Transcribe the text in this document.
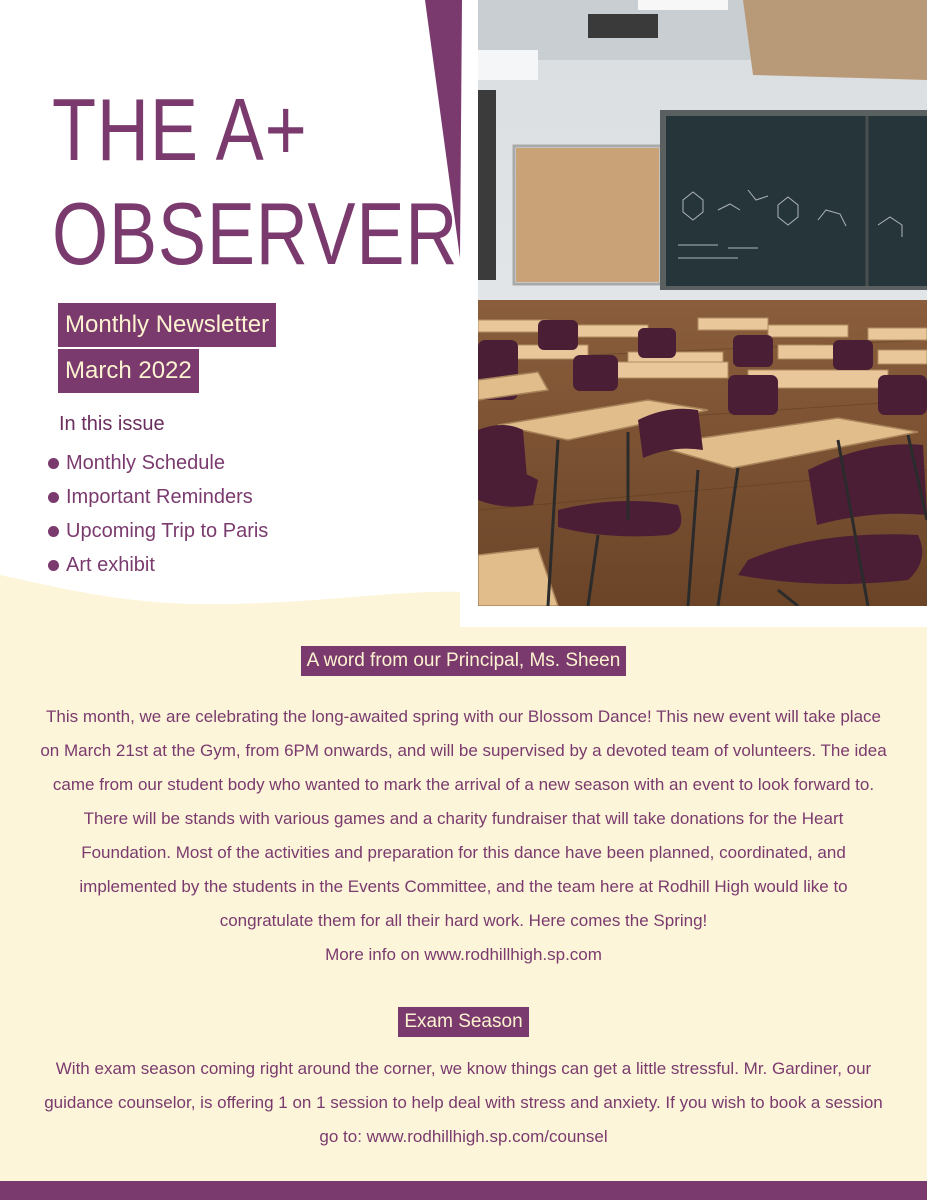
THE A+
OBSERVER
Monthly Newsletter
March 2022
In this issue
Monthly Schedule
Important Reminders
Upcoming Trip to Paris
Art exhibit
A word from our Principal, Ms. Sheen

This month, we are celebrating the long-awaited spring with our Blossom Dance! This new event will take place on March 21st at the Gym, from 6PM onwards, and will be supervised by a devoted team of volunteers. The idea came from our student body who wanted to mark the arrival of a new season with an event to look forward to. There will be stands with various games and a charity fundraiser that will take donations for the Heart Foundation. Most of the activities and preparation for this dance have been planned, coordinated, and implemented by the students in the Events Committee, and the team here at Rodhill High would like to congratulate them for all their hard work. Here comes the Spring!

More info on www.rodhillhigh.sp.com

Exam Season

With exam season coming right around the corner, we know things can get a little stressful. Mr. Gardiner, our guidance counselor, is offering 1 on 1 session to help deal with stress and anxiety. If you wish to book a session go to: www.rodhillhigh.sp.com/counsel
